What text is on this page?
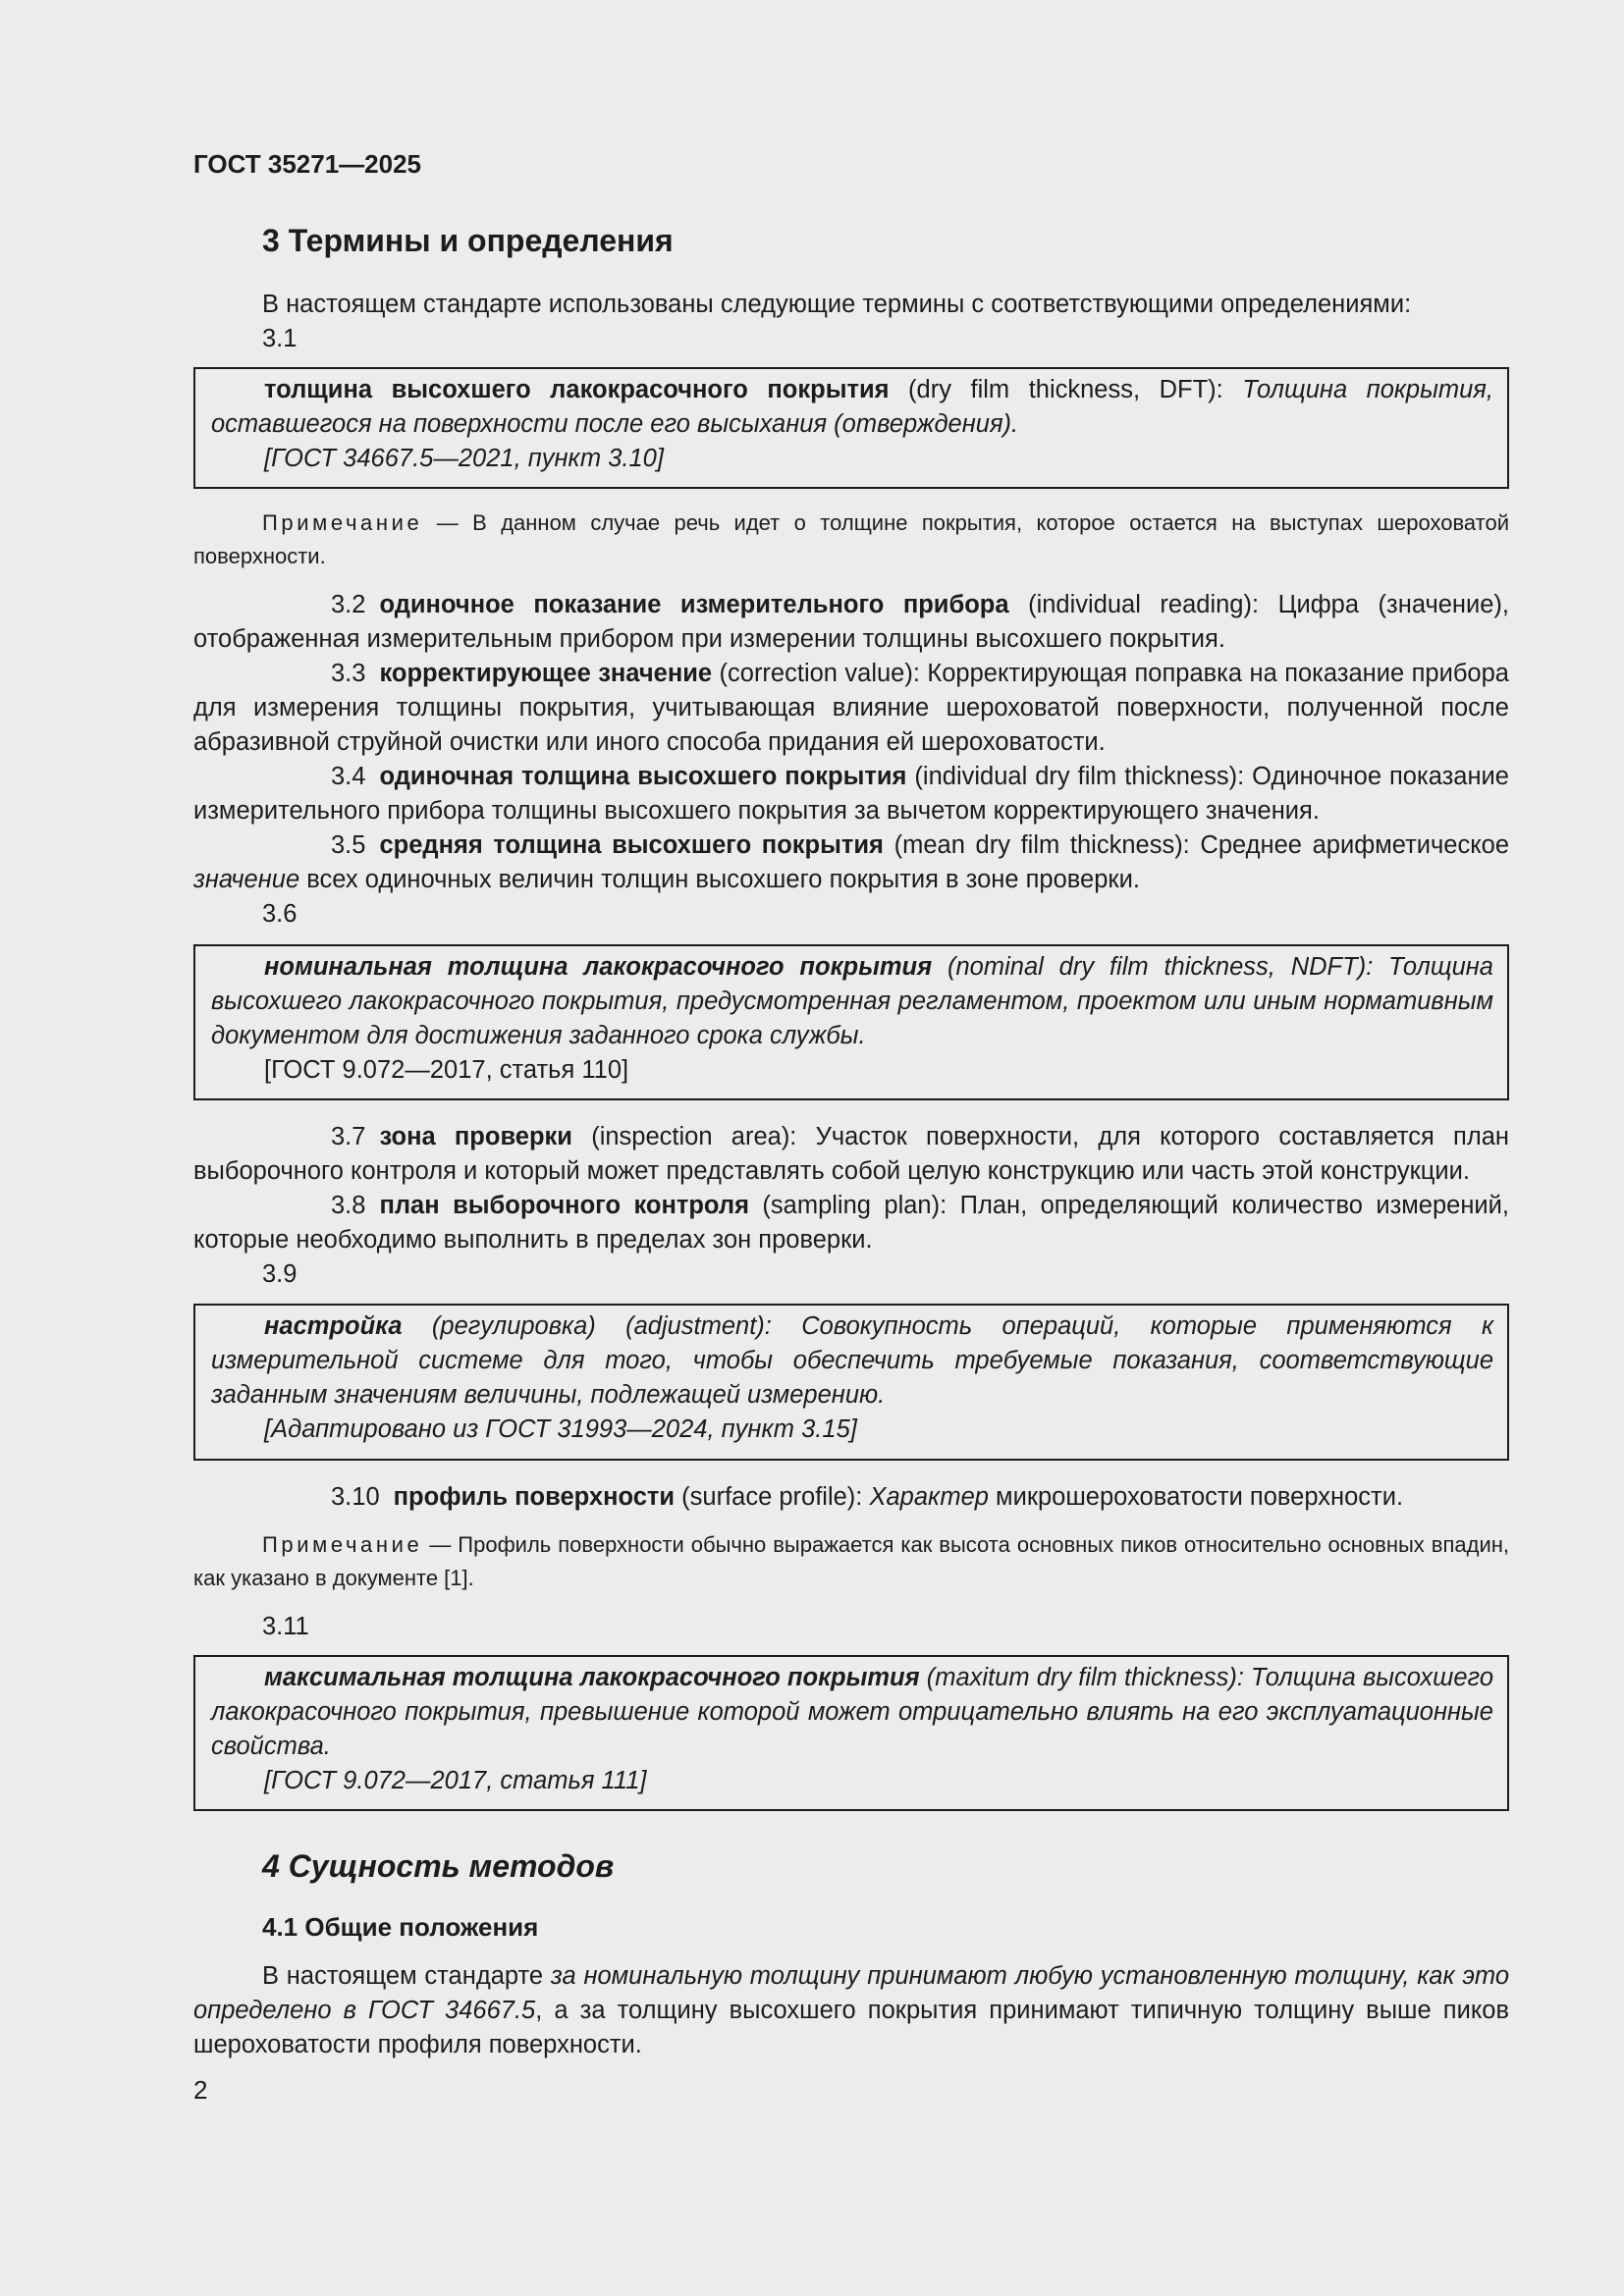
ГОСТ 35271—2025
3 Термины и определения

В настоящем стандарте использованы следующие термины с соответствующими определениями:

3.1

толщина высохшего лакокрасочного покрытия (dry film thickness, DFT): Толщина покрытия, оставшегося на поверхности после его высыхания (отверждения).

[ГОСТ 34667.5—2021, пункт 3.10]

Примечание — В данном случае речь идет о толщине покрытия, которое остается на выступах шероховатой поверхности.

3.2 одиночное показание измерительного прибора (individual reading): Цифра (значение), отображенная измерительным прибором при измерении толщины высохшего покрытия.

3.3 корректирующее значение (correction value): Корректирующая поправка на показание прибора для измерения толщины покрытия, учитывающая влияние шероховатой поверхности, полученной после абразивной струйной очистки или иного способа придания ей шероховатости.

3.4 одиночная толщина высохшего покрытия (individual dry film thickness): Одиночное показание измерительного прибора толщины высохшего покрытия за вычетом корректирующего значения.

3.5 средняя толщина высохшего покрытия (mean dry film thickness): Среднее арифметическое значение всех одиночных величин толщин высохшего покрытия в зоне проверки.

3.6

номинальная толщина лакокрасочного покрытия (nominal dry film thickness, NDFT): Толщина высохшего лакокрасочного покрытия, предусмотренная регламентом, проектом или иным нормативным документом для достижения заданного срока службы.

[ГОСТ 9.072—2017, статья 110]

3.7 зона проверки (inspection area): Участок поверхности, для которого составляется план выборочного контроля и который может представлять собой целую конструкцию или часть этой конструкции.

3.8 план выборочного контроля (sampling plan): План, определяющий количество измерений, которые необходимо выполнить в пределах зон проверки.

3.9

настройка (регулировка) (adjustment): Совокупность операций, которые применяются к измерительной системе для того, чтобы обеспечить требуемые показания, соответствующие заданным значениям величины, подлежащей измерению.

[Адаптировано из ГОСТ 31993—2024, пункт 3.15]

3.10 профиль поверхности (surface profile): Характер микрошероховатости поверхности.

Примечание — Профиль поверхности обычно выражается как высота основных пиков относительно основных впадин, как указано в документе [1].

3.11

максимальная толщина лакокрасочного покрытия (maxitum dry film thickness): Толщина высохшего лакокрасочного покрытия, превышение которой может отрицательно влиять на его эксплуатационные свойства.

[ГОСТ 9.072—2017, статья 111]

4 Сущность методов
4.1 Общие положения

В настоящем стандарте за номинальную толщину принимают любую установленную толщину, как это определено в ГОСТ 34667.5, а за толщину высохшего покрытия принимают типичную толщину выше пиков шероховатости профиля поверхности.

2
